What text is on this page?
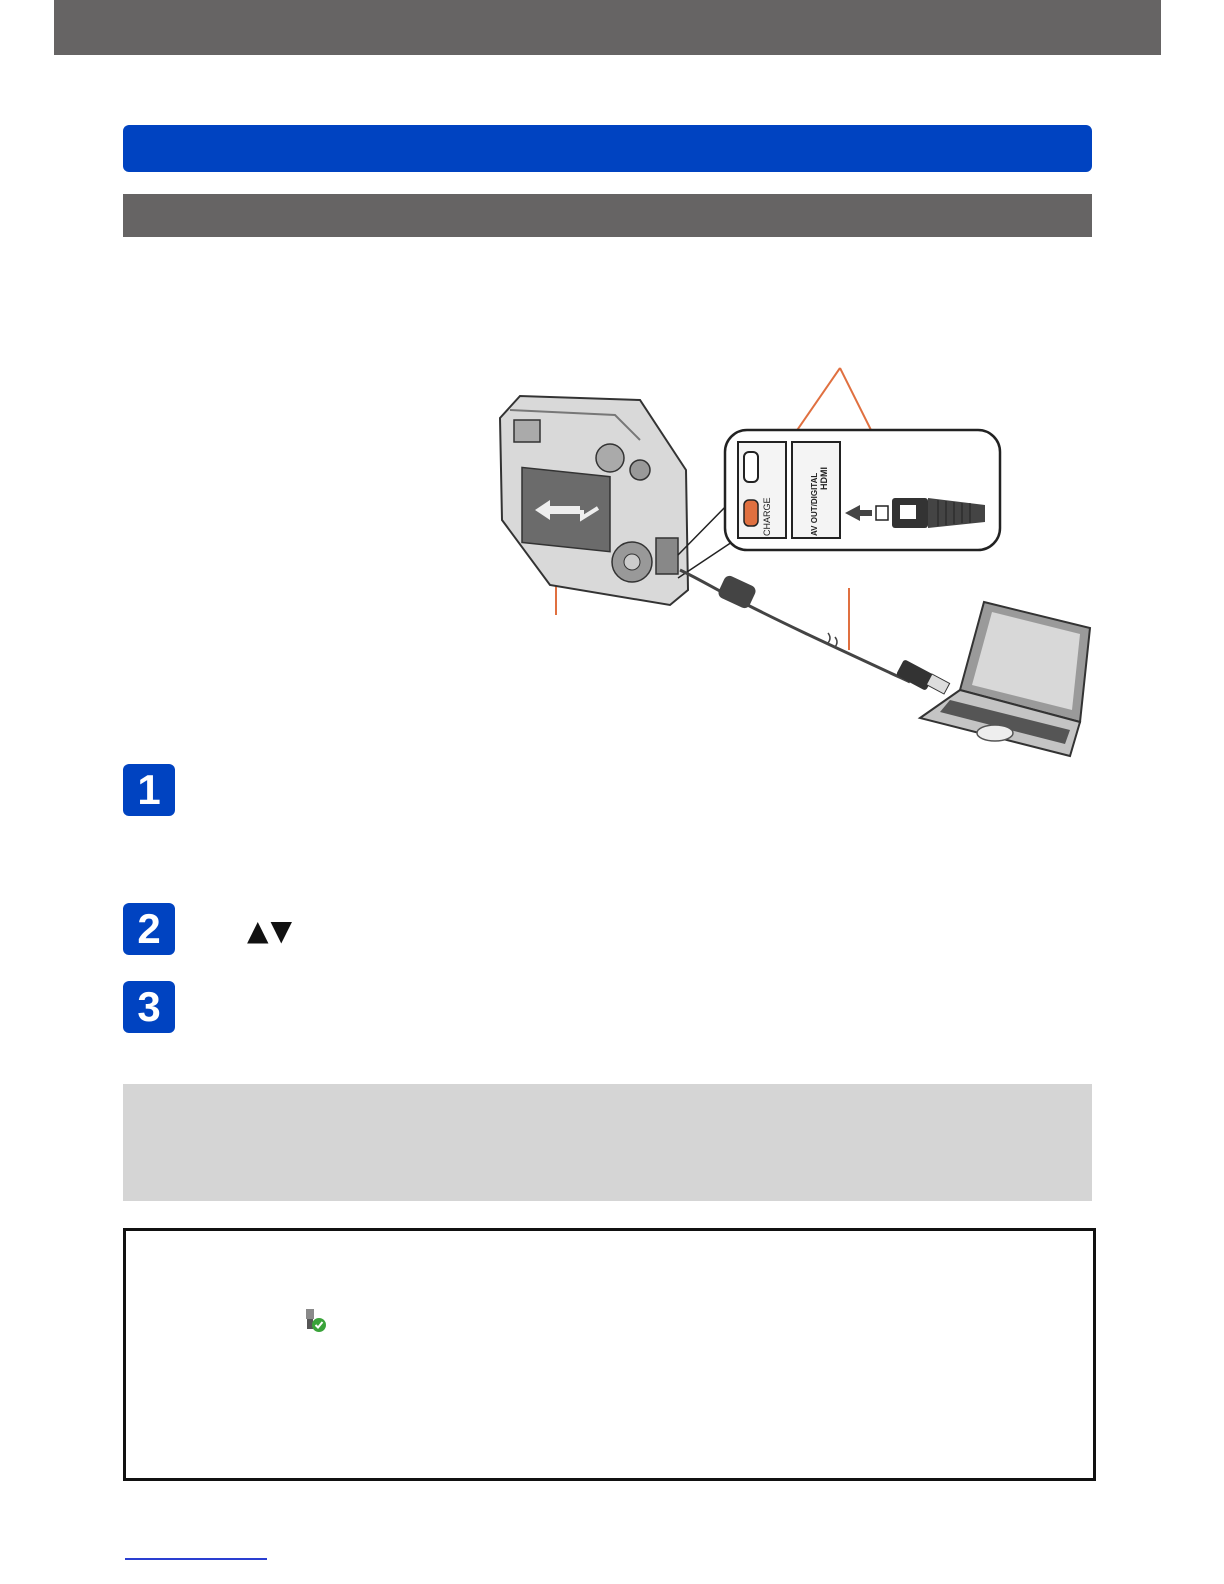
CHARGE	AV OUT/DIGITAL HDMI
1
2	▲▼
3
